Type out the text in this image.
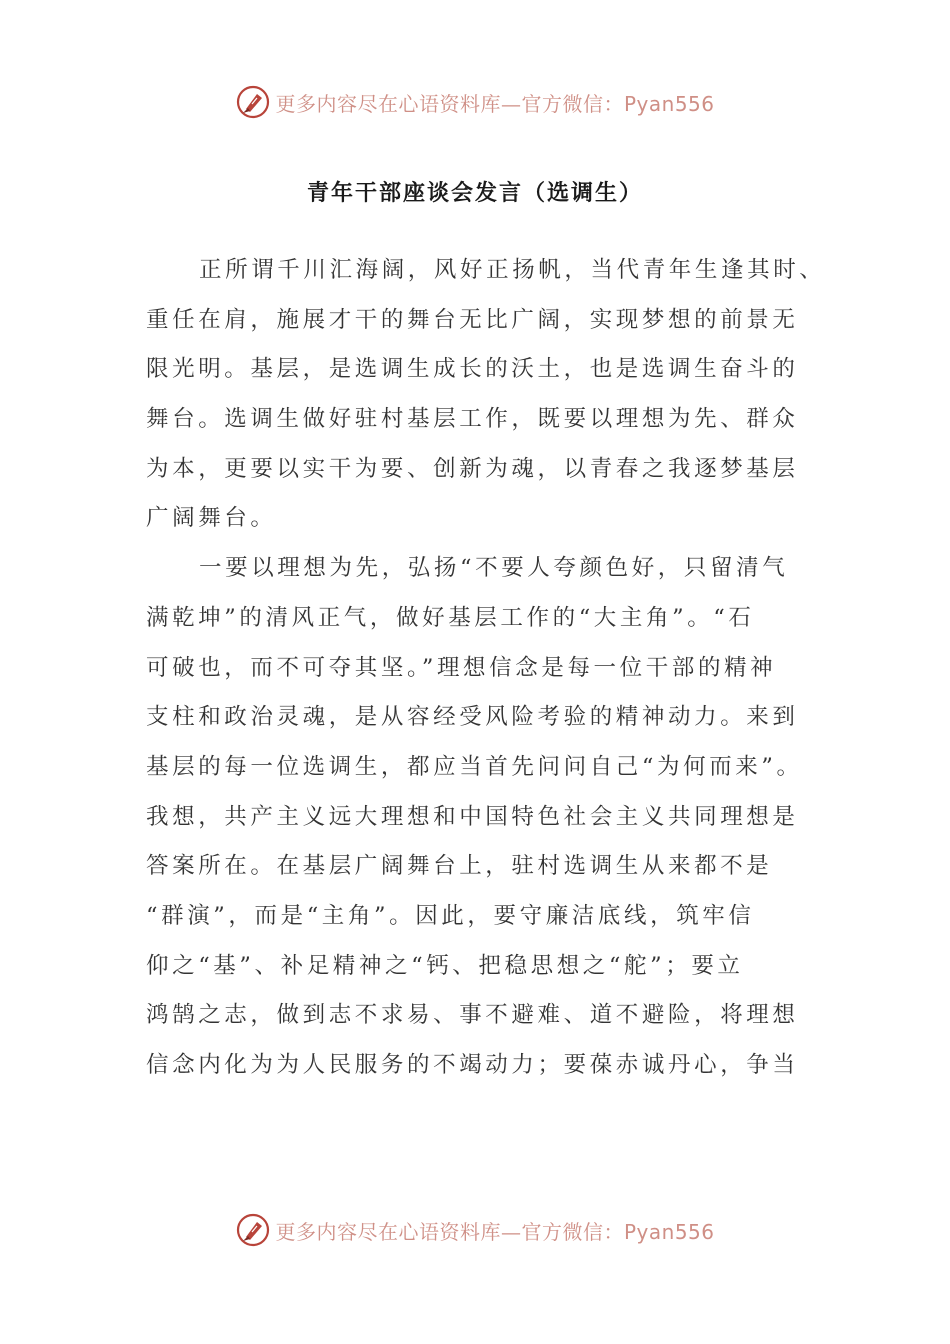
更多内容尽在心语资料库—官方微信：Pyan556
青年干部座谈会发言（选调生）
正所谓千川汇海阔，风好正扬帆，当代青年生逢其时、
重任在肩，施展才干的舞台无比广阔，实现梦想的前景无
限光明。基层，是选调生成长的沃土，也是选调生奋斗的
舞台。选调生做好驻村基层工作，既要以理想为先、群众
为本，更要以实干为要、创新为魂，以青春之我逐梦基层
广阔舞台。
一要以理想为先，弘扬“不要人夸颜色好，只留清气
满乾坤”的清风正气，做好基层工作的“大主角”。“石
可破也，而不可夺其坚。”理想信念是每一位干部的精神
支柱和政治灵魂，是从容经受风险考验的精神动力。来到
基层的每一位选调生，都应当首先问问自己“为何而来”。
我想，共产主义远大理想和中国特色社会主义共同理想是
答案所在。在基层广阔舞台上，驻村选调生从来都不是
“群演”，而是“主角”。因此，要守廉洁底线，筑牢信
仰之“基”、补足精神之“钙、把稳思想之“舵”；要立
鸿鹄之志，做到志不求易、事不避难、道不避险，将理想
信念内化为为人民服务的不竭动力；要葆赤诚丹心，争当
更多内容尽在心语资料库—官方微信：Pyan556
